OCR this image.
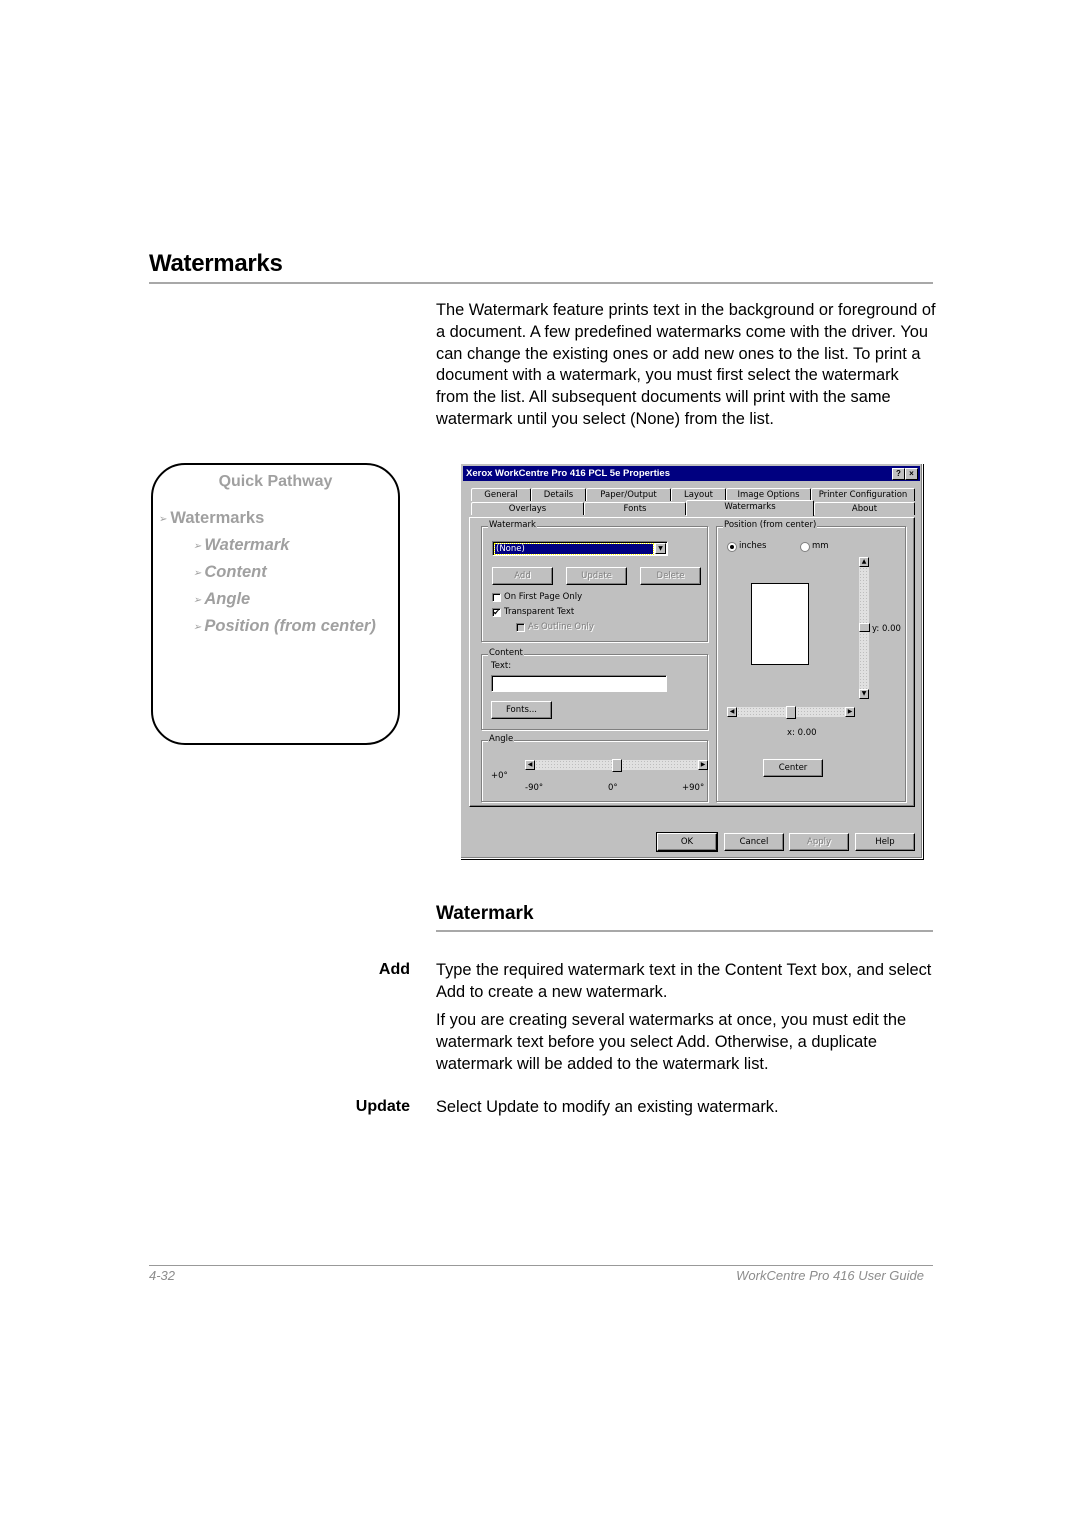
Watermarks

The Watermark feature prints text in the background or foreground of a document. A few predefined watermarks come with the driver. You can change the existing ones or add new ones to the list. To print a document with a watermark, you must first select the watermark from the list. All subsequent documents will print with the same watermark until you select (None) from the list.

Quick Pathway
➢ Watermarks
➢ Watermark
➢ Content
➢ Angle
➢ Position (from center)
Xerox WorkCentre Pro 416 PCL 5e Properties	?	×
General	Details	Paper/Output	Layout	Image Options	Printer Configuration
Overlays	Fonts	Watermarks	About
Watermark
(None)	▼
Add	Update	Delete
On First Page Only
✔ Transparent Text
As Outline Only
Content
Text:
Fonts...
Angle
+0°
◀	▶
-90°	0°	+90°
Position (from center)
inches	mm
▲
▼
y: 0.00
◀	▶
x: 0.00
Center
OK	Cancel	Apply	Help
Watermark
Add Type the required watermark text in the Content Text box, and select Add to create a new watermark.
If you are creating several watermarks at once, you must edit the watermark text before you select Add. Otherwise, a duplicate watermark will be added to the watermark list.
Update Select Update to modify an existing watermark.
4-32	WorkCentre Pro 416 User Guide
